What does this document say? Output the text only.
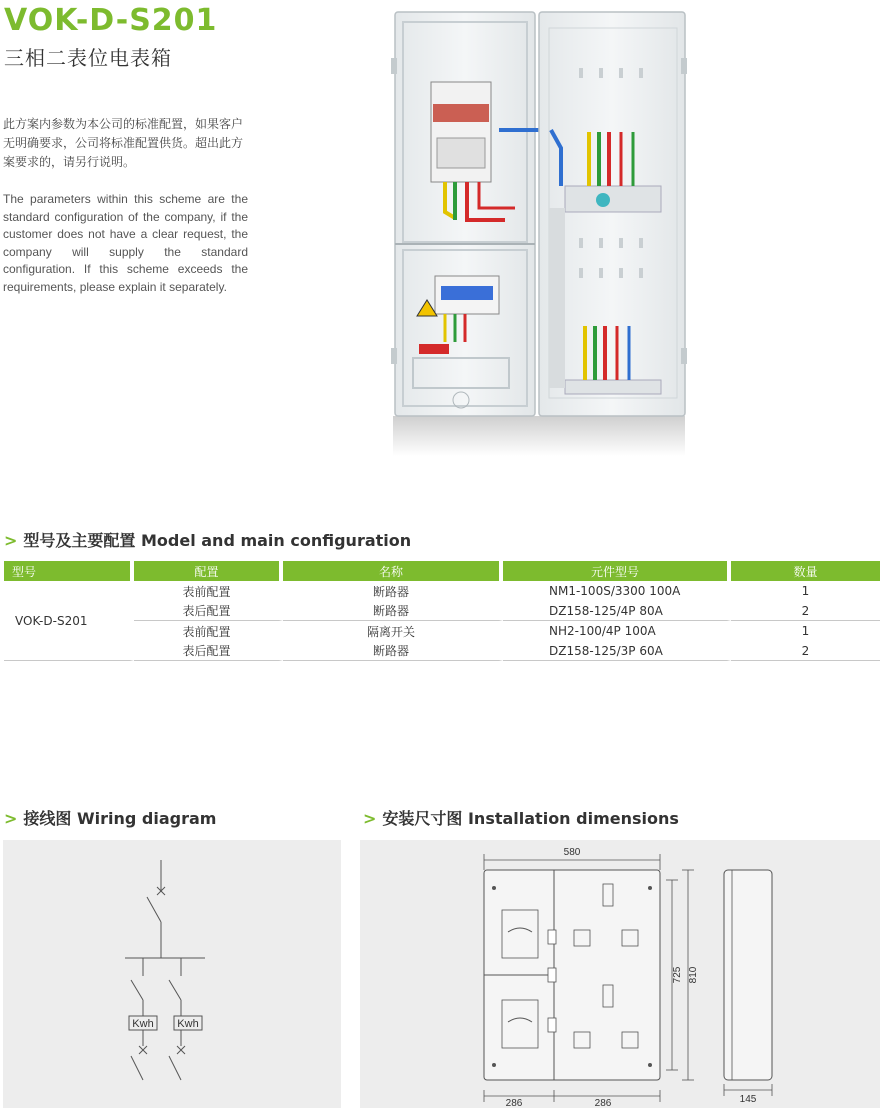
VOK-D-S201
三相二表位电表箱
此方案内参数为本公司的标准配置，如果客户无明确要求，公司将标准配置供货。超出此方案要求的，请另行说明。
The parameters within this scheme are the standard configuration of the company, if the customer does not have a clear request, the company will supply the standard configuration. If this scheme exceeds the requirements, please explain it separately.
> 型号及主要配置 Model and main configuration
型号	配置	名称	元件型号	数量
VOK-D-S201	表前配置	断路器	NM1-100S/3300 100A	1
	表后配置	断路器	DZ158-125/4P 80A	2
	表前配置	隔离开关	NH2-100/4P 100A	1
	表后配置	断路器	DZ158-125/3P 60A	2
> 接线图 Wiring diagram
Kwh Kwh
> 安装尺寸图 Installation dimensions
580
725 810
145
286	286
